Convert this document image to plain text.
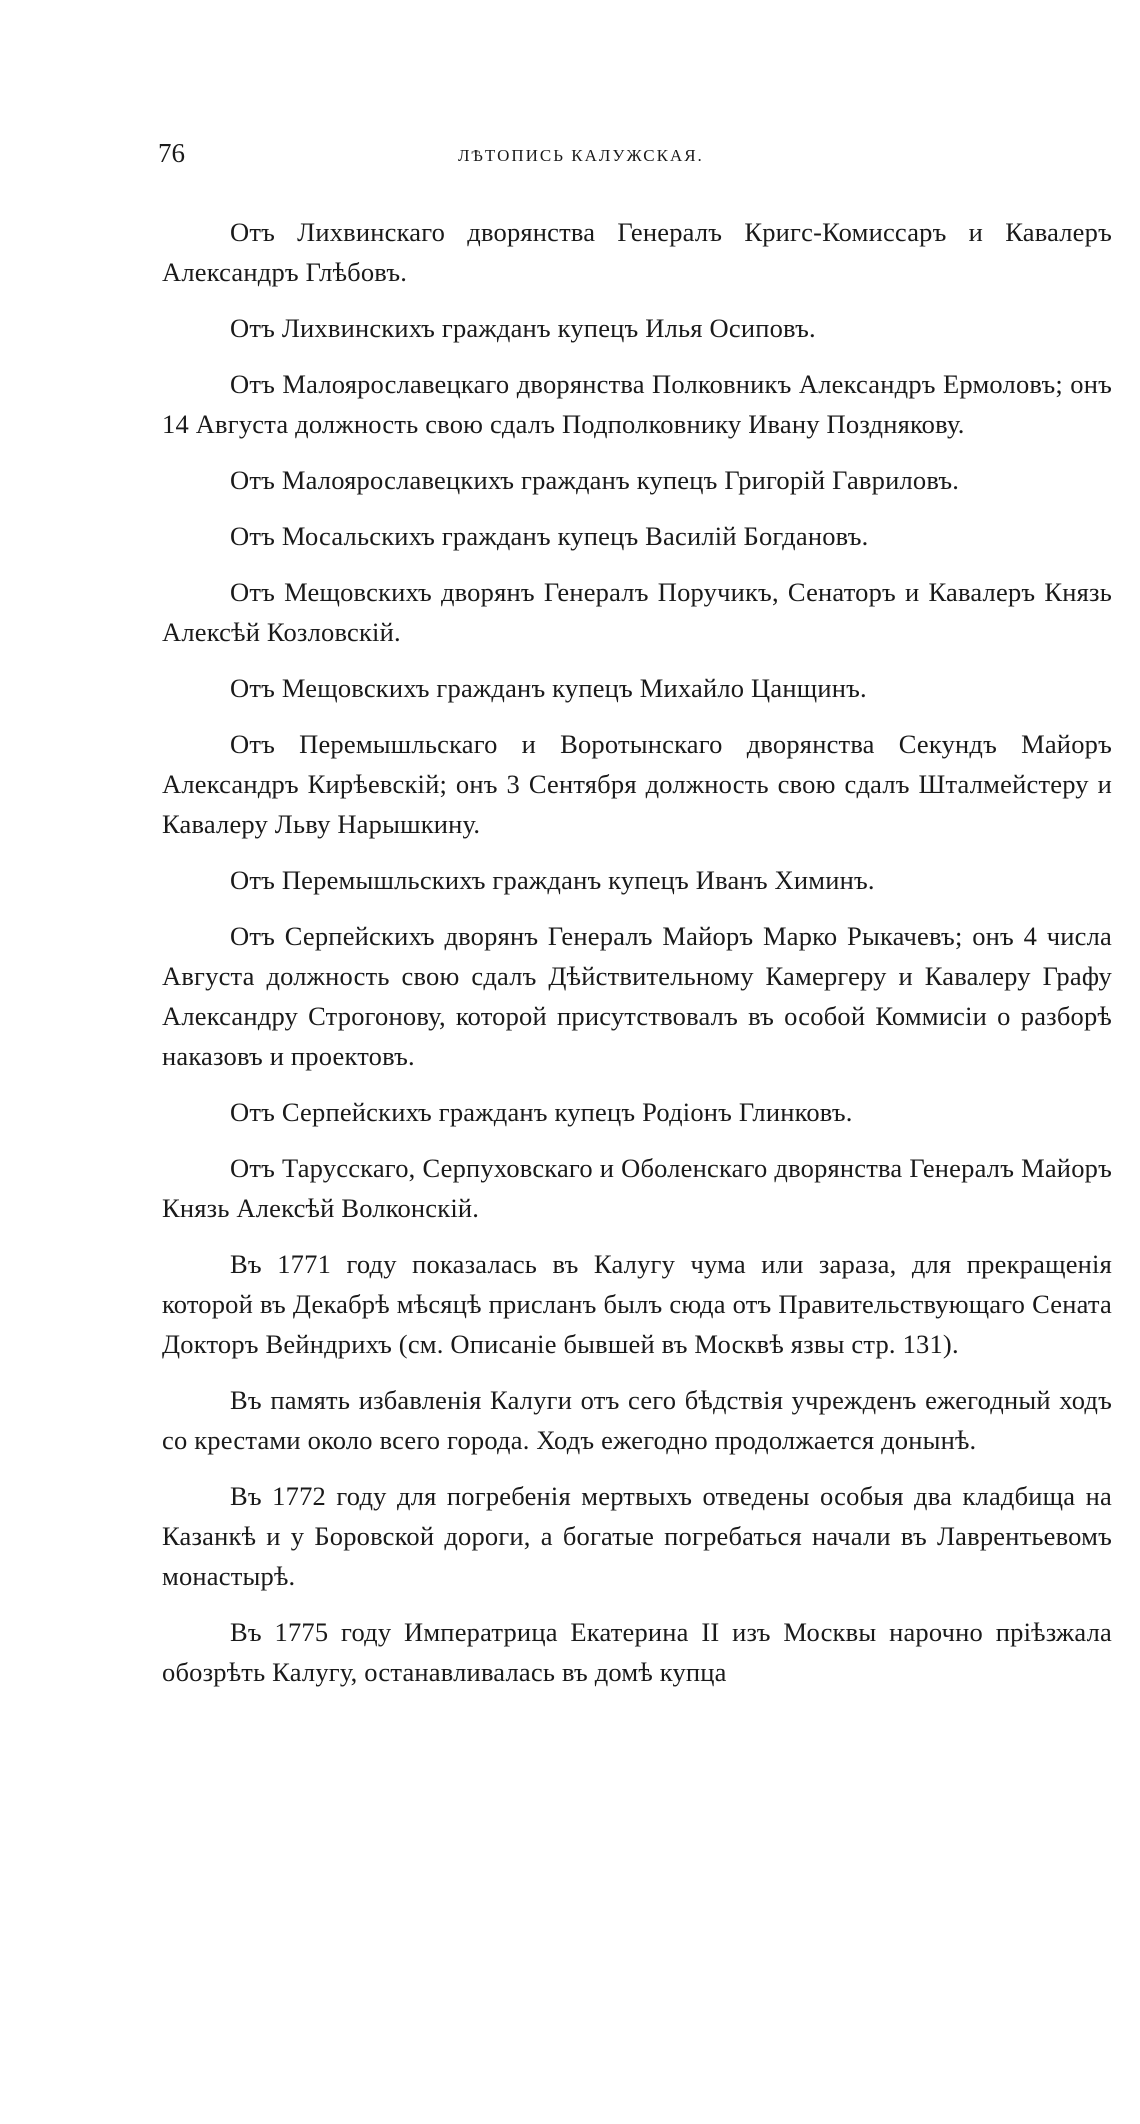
76	ЛѢТОПИСЬ КАЛУЖСКАЯ.

Отъ Лихвинскаго дворянства Генералъ Кригс-Комиссаръ и Кавалеръ Александръ Глѣбовъ.

Отъ Лихвинскихъ гражданъ купецъ Илья Осиповъ.

Отъ Малоярославецкаго дворянства Полковникъ Александръ Ермоловъ; онъ 14 Августа должность свою сдалъ Подполковнику Ивану Позднякову.

Отъ Малоярославецкихъ гражданъ купецъ Григорій Гавриловъ.

Отъ Мосальскихъ гражданъ купецъ Василій Богдановъ.

Отъ Мещовскихъ дворянъ Генералъ Поручикъ, Сенаторъ и Кавалеръ Князь Алексѣй Козловскій.

Отъ Мещовскихъ гражданъ купецъ Михайло Цанщинъ.

Отъ Перемышльскаго и Воротынскаго дворянства Секундъ Майоръ Александръ Кирѣевскій; онъ 3 Сентября должность свою сдалъ Шталмейстеру и Кавалеру Льву Нарышкину.

Отъ Перемышльскихъ гражданъ купецъ Иванъ Химинъ.

Отъ Серпейскихъ дворянъ Генералъ Майоръ Марко Рыкачевъ; онъ 4 числа Августа должность свою сдалъ Дѣйствительному Камергеру и Кавалеру Графу Александру Строгонову, которой присутствовалъ въ особой Коммисіи о разборѣ наказовъ и проектовъ.

Отъ Серпейскихъ гражданъ купецъ Родіонъ Глинковъ.

Отъ Тарусскаго, Серпуховскаго и Оболенскаго дворянства Генералъ Майоръ Князь Алексѣй Волконскій.

Въ 1771 году показалась въ Калугу чума или зараза, для прекращенія которой въ Декабрѣ мѣсяцѣ присланъ былъ сюда отъ Правительствующаго Сената Докторъ Вейндрихъ (см. Описаніе бывшей въ Москвѣ язвы стр. 131).

Въ память избавленія Калуги отъ сего бѣдствія учрежденъ ежегодный ходъ со крестами около всего города. Ходъ ежегодно продолжается донынѣ.

Въ 1772 году для погребенія мертвыхъ отведены особыя два кладбища на Казанкѣ и у Боровской дороги, а богатые погребаться начали въ Лаврентьевомъ монастырѣ.

Въ 1775 году Императрица Екатерина II изъ Москвы нарочно пріѣзжала обозрѣть Калугу, останавливалась въ домѣ купца
